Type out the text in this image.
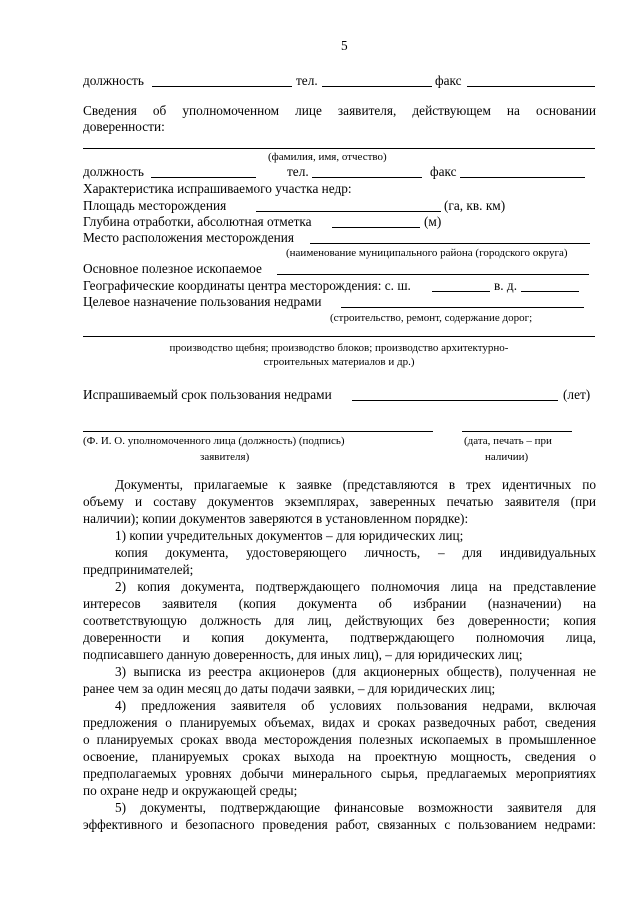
5
должность	тел.	факс
Сведения об уполномоченном лице заявителя, действующем на основании
доверенности:
(фамилия, имя, отчество)
должность	тел.	факс
Характеристика испрашиваемого участка недр:
Площадь месторождения	(га, кв. км)
Глубина отработки, абсолютная отметка	(м)
Место расположения месторождения
(наименование муниципального района (городского округа)
Основное полезное ископаемое
Географические координаты центра месторождения: с. ш.	в. д.
Целевое назначение пользования недрами
(строительство, ремонт, содержание дорог;
производство щебня; производство блоков; производство архитектурно-
строительных материалов и др.)
Испрашиваемый срок пользования недрами	(лет)
(Ф. И. О. уполномоченного лица (должность) (подпись)
заявителя)
(дата, печать – при
наличии)
Документы, прилагаемые к заявке (представляются в трех идентичных по
объему и составу документов экземплярах, заверенных печатью заявителя (при
наличии); копии документов заверяются в установленном порядке):
1) копии учредительных документов – для юридических лиц;
копия документа, удостоверяющего личность, – для индивидуальных
предпринимателей;
2) копия документа, подтверждающего полномочия лица на представление
интересов заявителя (копия документа об избрании (назначении) на
соответствующую должность для лиц, действующих без доверенности; копия
доверенности и копия документа, подтверждающего полномочия лица,
подписавшего данную доверенность, для иных лиц), – для юридических лиц;
3) выписка из реестра акционеров (для акционерных обществ), полученная не
ранее чем за один месяц до даты подачи заявки, – для юридических лиц;
4) предложения заявителя об условиях пользования недрами, включая
предложения о планируемых объемах, видах и сроках разведочных работ, сведения
о планируемых сроках ввода месторождения полезных ископаемых в промышленное
освоение, планируемых сроках выхода на проектную мощность, сведения о
предполагаемых уровнях добычи минерального сырья, предлагаемых мероприятиях
по охране недр и окружающей среды;
5) документы, подтверждающие финансовые возможности заявителя для
эффективного и безопасного проведения работ, связанных с пользованием недрами:
